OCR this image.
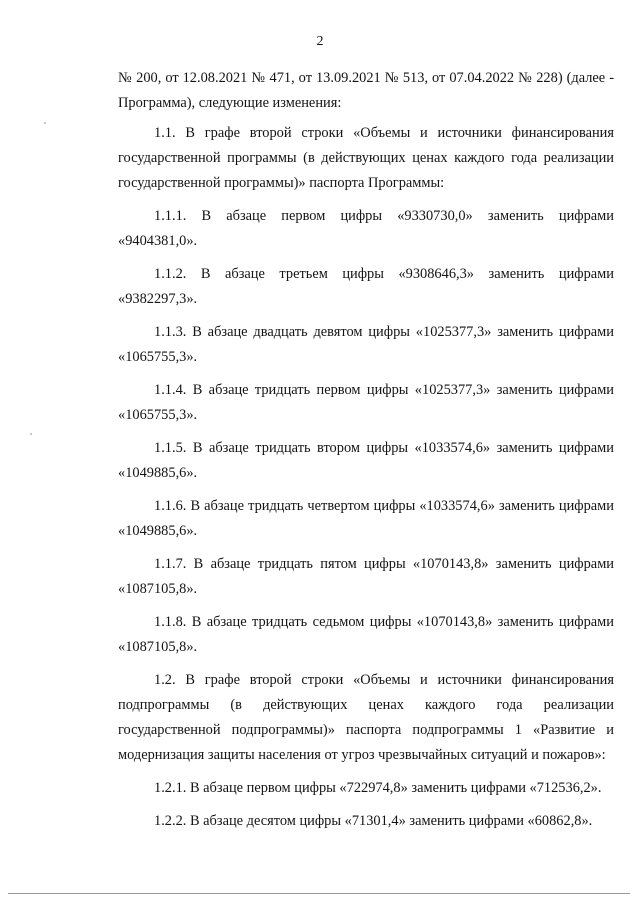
2

№ 200, от 12.08.2021 № 471, от 13.09.2021 № 513, от 07.04.2022 № 228) (далее - Программа), следующие изменения:

1.1. В графе второй строки «Объемы и источники финансирования государственной программы (в действующих ценах каждого года реализации государственной программы)» паспорта Программы:

1.1.1. В абзаце первом цифры «9330730,0» заменить цифрами «9404381,0».

1.1.2. В абзаце третьем цифры «9308646,3» заменить цифрами «9382297,3».

1.1.3. В абзаце двадцать девятом цифры «1025377,3» заменить цифрами «1065755,3».

1.1.4. В абзаце тридцать первом цифры «1025377,3» заменить цифрами «1065755,3».

1.1.5. В абзаце тридцать втором цифры «1033574,6» заменить цифрами «1049885,6».

1.1.6. В абзаце тридцать четвертом цифры «1033574,6» заменить цифрами «1049885,6».

1.1.7. В абзаце тридцать пятом цифры «1070143,8» заменить цифрами «1087105,8».

1.1.8. В абзаце тридцать седьмом цифры «1070143,8» заменить цифрами «1087105,8».

1.2. В графе второй строки «Объемы и источники финансирования подпрограммы (в действующих ценах каждого года реализации государственной подпрограммы)» паспорта подпрограммы 1 «Развитие и модернизация защиты населения от угроз чрезвычайных ситуаций и пожаров»:

1.2.1. В абзаце первом цифры «722974,8» заменить цифрами «712536,2».

1.2.2. В абзаце десятом цифры «71301,4» заменить цифрами «60862,8».
